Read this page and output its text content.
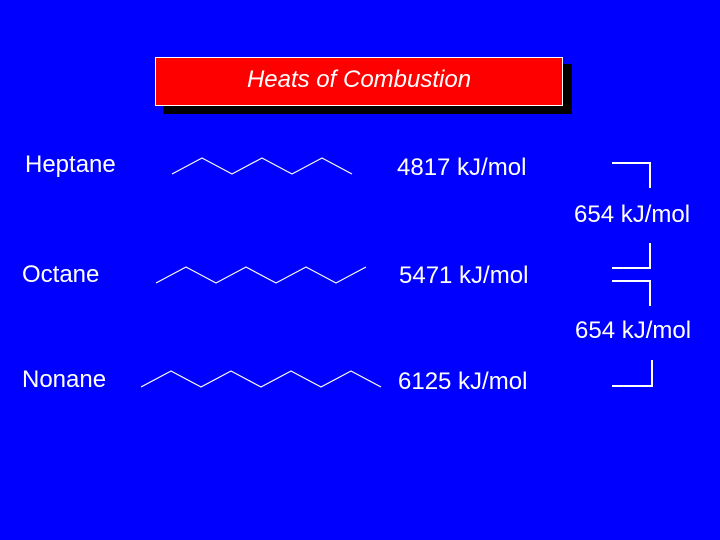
Heats of Combustion
Heptane
Octane
Nonane
4817 kJ/mol
5471 kJ/mol
6125 kJ/mol
654 kJ/mol
654 kJ/mol
